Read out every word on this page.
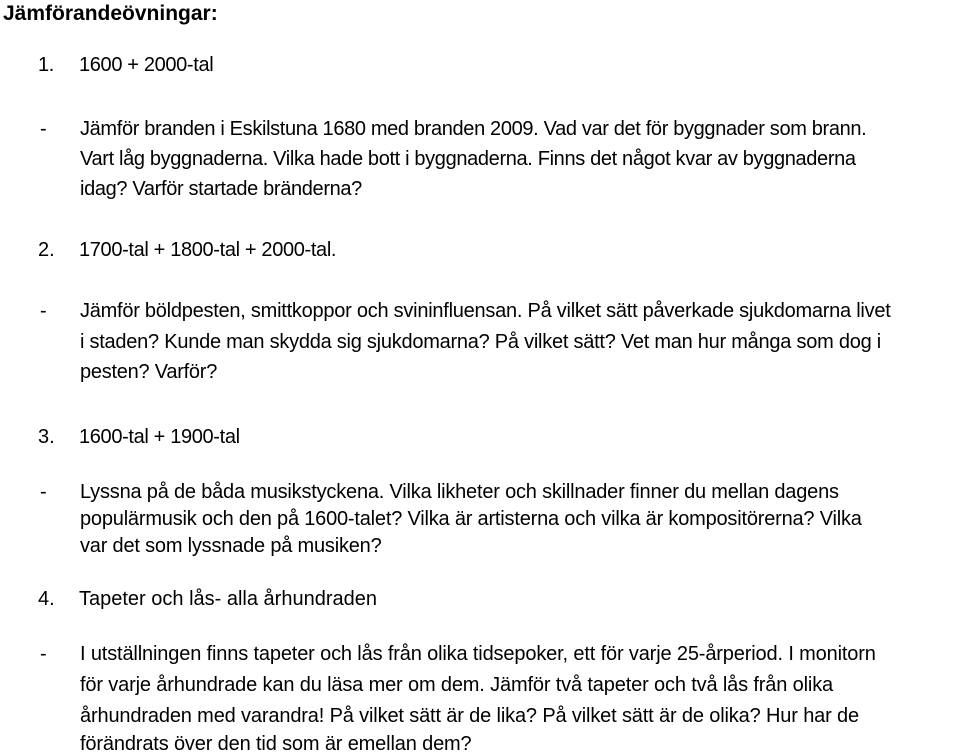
Jämförandeövningar:
1. 1600 + 2000-tal
- Jämför branden i Eskilstuna 1680 med branden 2009. Vad var det för byggnader som brann.
Vart låg byggnaderna. Vilka hade bott i byggnaderna. Finns det något kvar av byggnaderna
idag? Varför startade bränderna?
2. 1700-tal + 1800-tal + 2000-tal.
- Jämför böldpesten, smittkoppor och svininfluensan. På vilket sätt påverkade sjukdomarna livet
i staden? Kunde man skydda sig sjukdomarna? På vilket sätt? Vet man hur många som dog i
pesten? Varför?
3. 1600-tal + 1900-tal
- Lyssna på de båda musikstyckena. Vilka likheter och skillnader finner du mellan dagens
populärmusik och den på 1600-talet? Vilka är artisterna och vilka är kompositörerna? Vilka
var det som lyssnade på musiken?
4. Tapeter och lås- alla århundraden
- I utställningen finns tapeter och lås från olika tidsepoker, ett för varje 25-årperiod. I monitorn
för varje århundrade kan du läsa mer om dem. Jämför två tapeter och två lås från olika
århundraden med varandra! På vilket sätt är de lika? På vilket sätt är de olika? Hur har de
förändrats över den tid som är emellan dem?
